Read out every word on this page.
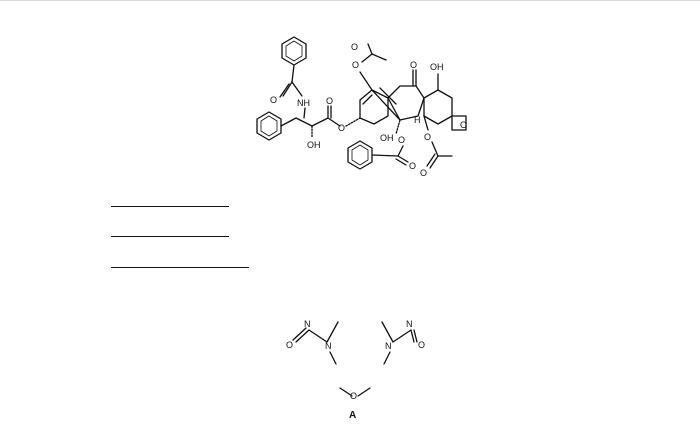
O NH
OH
O
O	O
O
O
O OH
OH O
H
O
O
O
N	N
N	N
O	O
O
A
